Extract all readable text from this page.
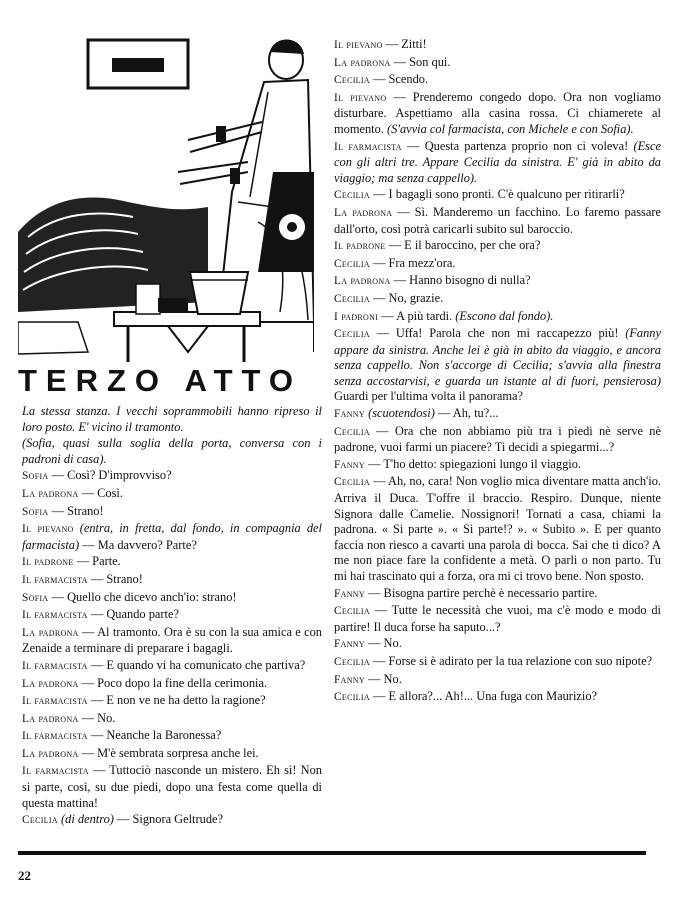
TERZO ATTO

La stessa stanza. I vecchi soprammobili hanno ripreso il loro posto. E' vicino il tramonto.

(Sofia, quasi sulla soglia della porta, conversa con i padroni di casa).

Sofia — Così? D'improvviso?

La padrona — Così.

Sofia — Strano!

Il pievano (entra, in fretta, dal fondo, in compagnia del farmacista) — Ma davvero? Parte?

Il padrone — Parte.

Il farmacista — Strano!

Sofia — Quello che dicevo anch'io: strano!

Il farmacista — Quando parte?

La padrona — Al tramonto. Ora è su con la sua amica e con Zenaide a terminare di preparare i bagagli.

Il farmacista — E quando vi ha comunicato che partiva?

La padrona — Poco dopo la fine della cerimonia.

Il farmacista — E non ve ne ha detto la ragione?

La padrona — No.

Il farmacista — Neanche la Baronessa?

La padrona — M'è sembrata sorpresa anche lei.

Il farmacista — Tuttociò nasconde un mistero. Eh sì! Non si parte, così, su due piedi, dopo una festa come quella di questa mattina!

Cecilia (di dentro) — Signora Geltrude?

Il pievano — Zitti!

La padrona — Son qui.

Cecilia — Scendo.

Il pievano — Prenderemo congedo dopo. Ora non vogliamo disturbare. Aspettiamo alla casina rossa. Ci chiamerete al momento. (S'avvia col farmacista, con Michele e con Sofia).

Il farmacista — Questa partenza proprio non ci voleva! (Esce con gli altri tre. Appare Cecilia da sinistra. E' già in abito da viaggio; ma senza cappello).

Cecilia — I bagagli sono pronti. C'è qualcuno per ritirarli?

La padrona — Sì. Manderemo un facchino. Lo faremo passare dall'orto, così potrà caricarli subito sul baroccio.

Il padrone — E il baroccino, per che ora?

Cecilia — Fra mezz'ora.

La padrona — Hanno bisogno di nulla?

Cecilia — No, grazie.

I padroni — A più tardi. (Escono dal fondo).

Cecilia — Uffa! Parola che non mi raccapezzo più! (Fanny appare da sinistra. Anche lei è già in abito da viaggio, e ancora senza cappello. Non s'accorge di Cecilia; s'avvia alla finestra senza accostarvisi, e guarda un istante al di fuori, pensierosa) Guardi per l'ultima volta il panorama?

Fanny (scuotendosi) — Ah, tu?...

Cecilia — Ora che non abbiamo più tra i piedi nè serve nè padrone, vuoi farmi un piacere? Ti decidi a spiegarmi...?

Fanny — T'ho detto: spiegazioni lungo il viaggio.

Cecilia — Ah, no, cara! Non voglio mica diventare matta anch'io. Arriva il Duca. T'offre il braccio. Respiro. Dunque, niente Signora dalle Camelie. Nossignori! Tornati a casa, chiami la padrona. « Si parte ». « Si parte!? ». « Subito ». E per quanto faccia non riesco a cavarti una parola di bocca. Sai che ti dico? A me non piace fare la confidente a metà. O parli o non parto. Tu mi hai trascinato qui a forza, ora mi ci trovo bene. Non sposto.

Fanny — Bisogna partire perchè è necessario partire.

Cecilia — Tutte le necessità che vuoi, ma c'è modo e modo di partire! Il duca forse ha saputo...?

Fanny — No.

Cecilia — Forse si è adirato per la tua relazione con suo nipote?

Fanny — No.

Cecilia — E allora?... Ah!... Una fuga con Maurizio?

22
